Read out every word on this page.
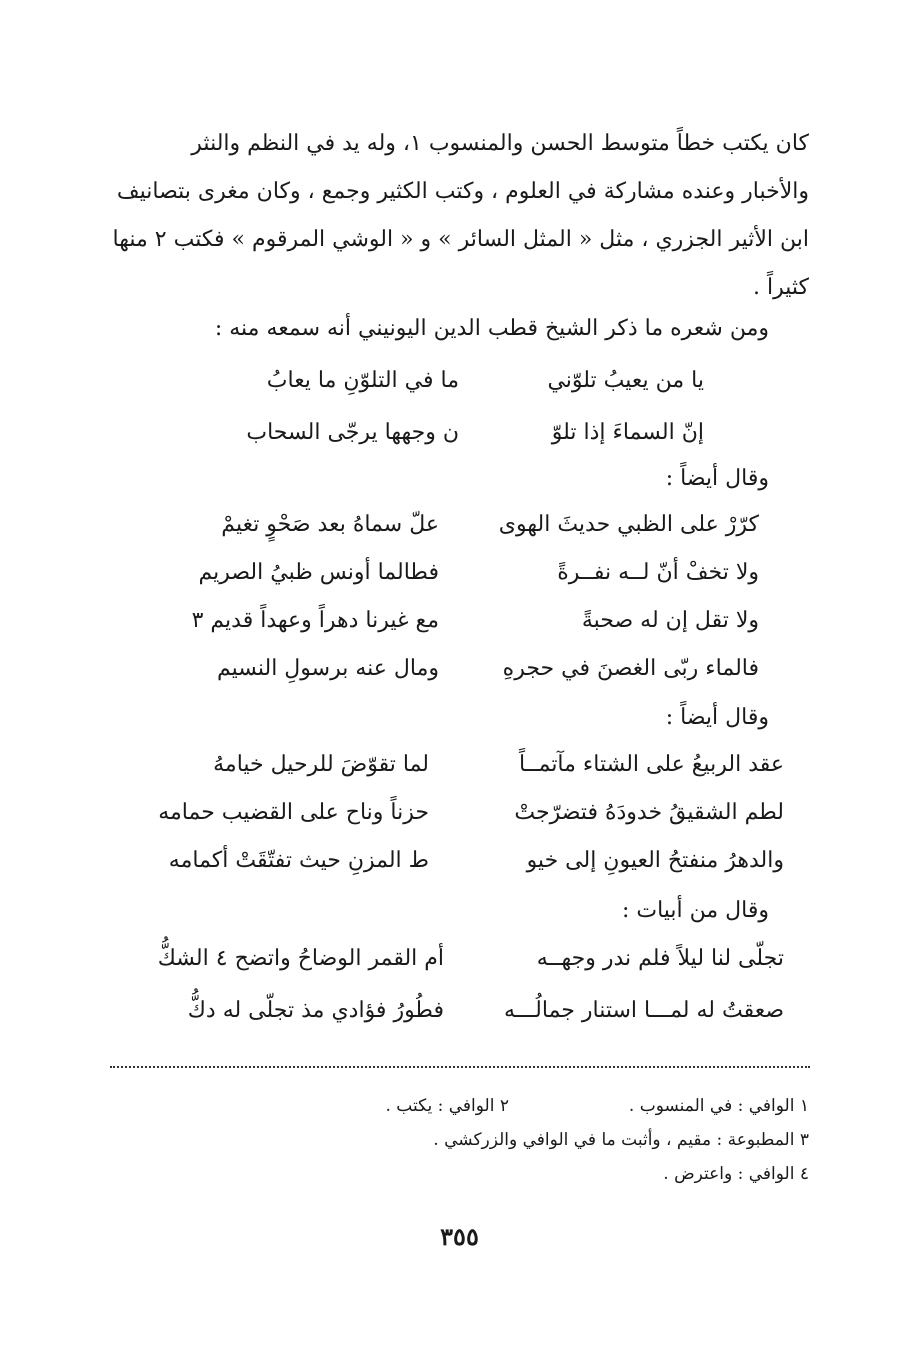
كان يكتب خطاً متوسط الحسن والمنسوب ١، وله يد في النظم والنثر
والأخبار وعنده مشاركة في العلوم ، وكتب الكثير وجمع ، وكان مغرى بتصانيف
ابن الأثير الجزري ، مثل « المثل السائر » و « الوشي المرقوم » فكتب ٢ منها
كثيراً .
ومن شعره ما ذكر الشيخ قطب الدين اليونيني أنه سمعه منه :
يا من يعيبُ تلوّني
ما في التلوّنِ ما يعابُ
إنّ السماءَ إذا تلوّ
ن وجهها يرجّى السحاب
وقال أيضاً :
كرّرْ على الظبي حديثَ الهوى
علّ سماهُ بعد صَحْوٍ تغيمْ
ولا تخفْ أنّ لــه نفــرةً
فطالما أونس ظبيُ الصريم
ولا تقل إن له صحبةً
مع غيرنا دهراً وعهداً قديم ٣
فالماء ربّى الغصنَ في حجرهِ
ومال عنه برسولِ النسيم
وقال أيضاً :
عقد الربيعُ على الشتاء مآتمــاً
لما تقوّضَ للرحيل خيامهُ
لطم الشقيقُ خدودَهُ فتضرّجتْ
حزناً وناح على القضيب حمامه
والدهرُ منفتحُ العيونِ إلى خيو
ط المزنِ حيث تفتّقَتْ أكمامه
وقال من أبيات :
تجلّى لنا ليلاً فلم ندر وجهــه
أم القمر الوضاحُ واتضح ٤ الشكُّ
صعقتُ له لمـــا استنار جمالُـــه
فطُورُ فؤادي مذ تجلّى له دكُّ
١ الوافي : في المنسوب .
٢ الوافي : يكتب .
٣ المطبوعة : مقيم ، وأثبت ما في الوافي والزركشي .
٤ الوافي : واعترض .
٣٥٥
